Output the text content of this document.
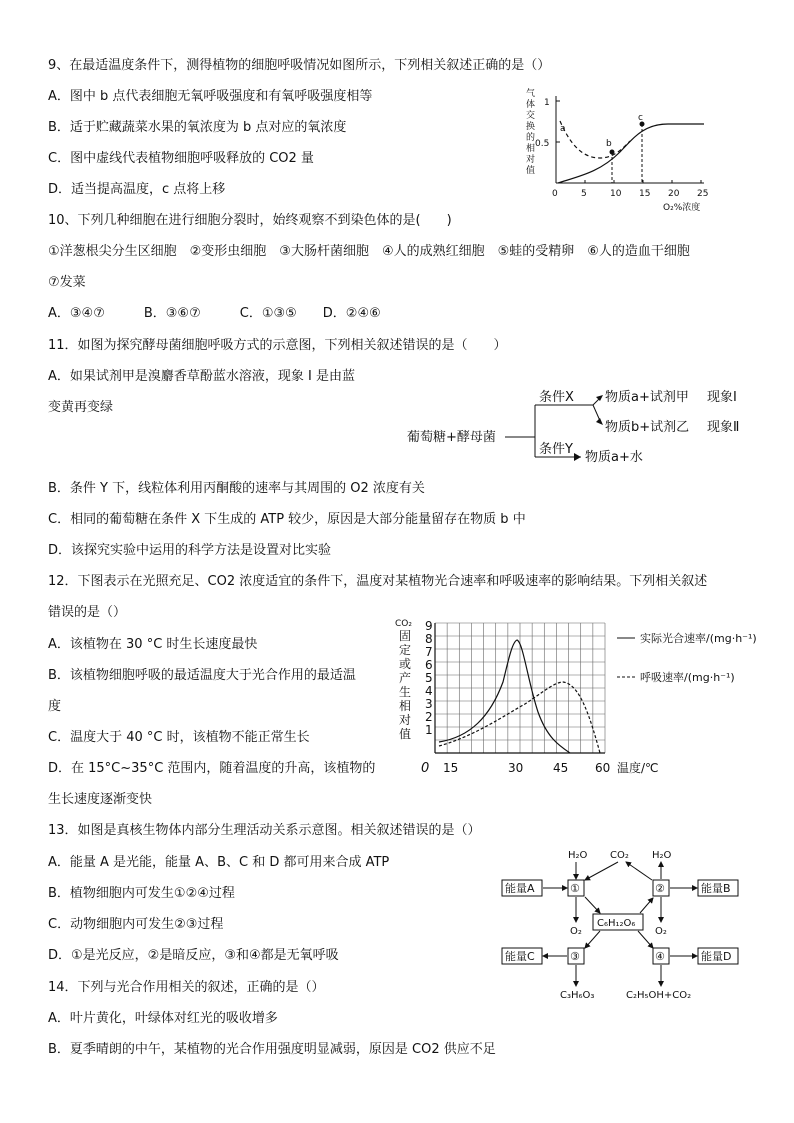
9、在最适温度条件下，测得植物的细胞呼吸情况如图所示，下列相关叙述正确的是（）
A．图中 b 点代表细胞无氧呼吸强度和有氧呼吸强度相等
B．适于贮藏蔬菜水果的氧浓度为 b 点对应的氧浓度
C．图中虚线代表植物细胞呼吸释放的 CO2 量
D．适当提高温度，c 点将上移
气
体
交
换
的
相
对
值
1
0.5
0	5	10 15 20 25
O₂%浓度
a
b
c
10、下列几种细胞在进行细胞分裂时，始终观察不到染色体的是(　　)
①洋葱根尖分生区细胞　②变形虫细胞　③大肠杆菌细胞　④人的成熟红细胞　⑤蛙的受精卵　⑥人的造血干细胞
⑦发菜
A．③④⑦　　　B．③⑥⑦　　　C．①③⑤　　D．②④⑥
11．如图为探究酵母菌细胞呼吸方式的示意图，下列相关叙述错误的是（　　）
A．如果试剂甲是溴麝香草酚蓝水溶液，现象 I 是由蓝
变黄再变绿
葡萄糖+酵母菌
条件X
条件Y
物质a+试剂甲
物质b+试剂乙
物质a+水
现象Ⅰ
现象Ⅱ
B．条件 Y 下，线粒体利用丙酮酸的速率与其周围的 O2 浓度有关
C．相同的葡萄糖在条件 X 下生成的 ATP 较少，原因是大部分能量留存在物质 b 中
D．该探究实验中运用的科学方法是设置对比实验
12．下图表示在光照充足、CO2 浓度适宜的条件下，温度对某植物光合速率和呼吸速率的影响结果。下列相关叙述
错误的是（）
A．该植物在 30 °C 时生长速度最快
B．该植物细胞呼吸的最适温度大于光合作用的最适温
度
C．温度大于 40 °C 时，该植物不能正常生长
D．在 15°C~35°C 范围内，随着温度的升高，该植物的
生长速度逐渐变快
CO₂
固
定
或
产
生
相
对
值
9
8
7
6
5
4
3
2
1
0 15	30 45 60 温度/℃
实际光合速率/(mg·h⁻¹)
呼吸速率/(mg·h⁻¹)
13．如图是真核生物体内部分生理活动关系示意图。相关叙述错误的是（）
A．能量 A 是光能，能量 A、B、C 和 D 都可用来合成 ATP
B．植物细胞内可发生①②④过程
C．动物细胞内可发生②③过程
D．①是光反应，②是暗反应，③和④都是无氧呼吸
H₂O CO₂ H₂O
能量A	①	②	能量B
C₆H₁₂O₆
O₂	O₂
能量C	③	④	能量D
C₃H₆O₃	C₂H₅OH+CO₂
14．下列与光合作用相关的叙述，正确的是（）
A．叶片黄化，叶绿体对红光的吸收增多
B．夏季晴朗的中午，某植物的光合作用强度明显减弱，原因是 CO2 供应不足
